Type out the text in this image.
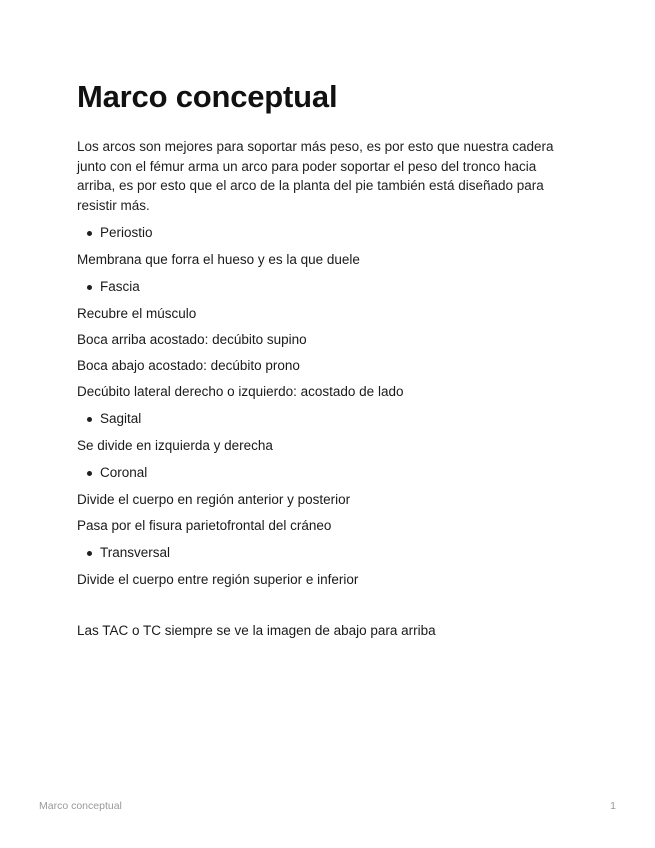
Marco conceptual

Los arcos son mejores para soportar más peso, es por esto que nuestra cadera junto con el fémur arma un arco para poder soportar el peso del tronco hacia arriba, es por esto que el arco de la planta del pie también está diseñado para resistir más.

Periostio

Membrana que forra el hueso y es la que duele

Fascia

Recubre el músculo

Boca arriba acostado: decúbito supino

Boca abajo acostado: decúbito prono

Decúbito lateral derecho o izquierdo: acostado de lado

Sagital

Se divide en izquierda y derecha

Coronal

Divide el cuerpo en región anterior y posterior

Pasa por el fisura parietofrontal del cráneo

Transversal

Divide el cuerpo entre región superior e inferior

Las TAC o TC siempre se ve la imagen de abajo para arriba

Marco conceptual	1
